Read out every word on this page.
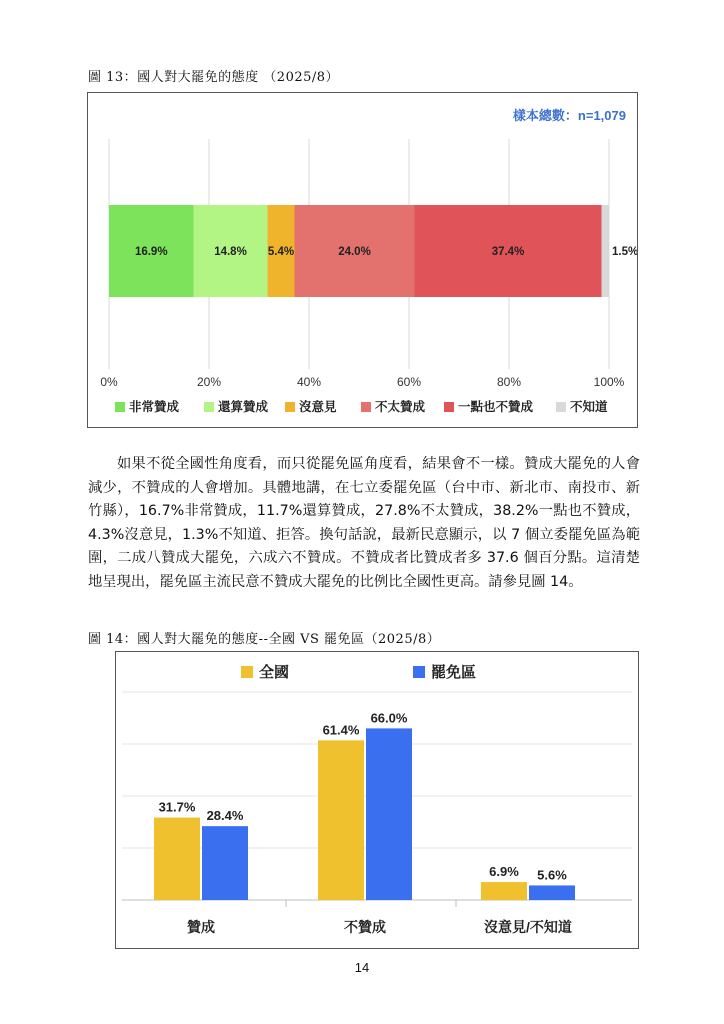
圖 13：國人對大罷免的態度 （2025/8）
樣本總數：n=1,079
16.9%	14.8% 5.4%	24.0%	37.4%	1.5%
0%	20%	40%	60%	80%	100%
非常贊成	還算贊成 沒意見	不太贊成	一點也不贊成	不知道

如果不從全國性角度看，而只從罷免區角度看，結果會不一樣。贊成大罷免的人會減少，不贊成的人會增加。具體地講，在七立委罷免區（台中市、新北市、南投市、新竹縣），16.7%非常贊成，11.7%還算贊成，27.8%不太贊成，38.2%一點也不贊成，4.3%沒意見，1.3%不知道、拒答。換句話說，最新民意顯示，以 7 個立委罷免區為範圍，二成八贊成大罷免，六成六不贊成。不贊成者比贊成者多 37.6 個百分點。這清楚地呈現出，罷免區主流民意不贊成大罷免的比例比全國性更高。請參見圖 14。

圖 14：國人對大罷免的態度--全國 VS 罷免區（2025/8）
全國	罷免區
31.7%
28.4%
61.4%
66.0%
6.9% 5.6%
贊成	不贊成	沒意見/不知道
14
